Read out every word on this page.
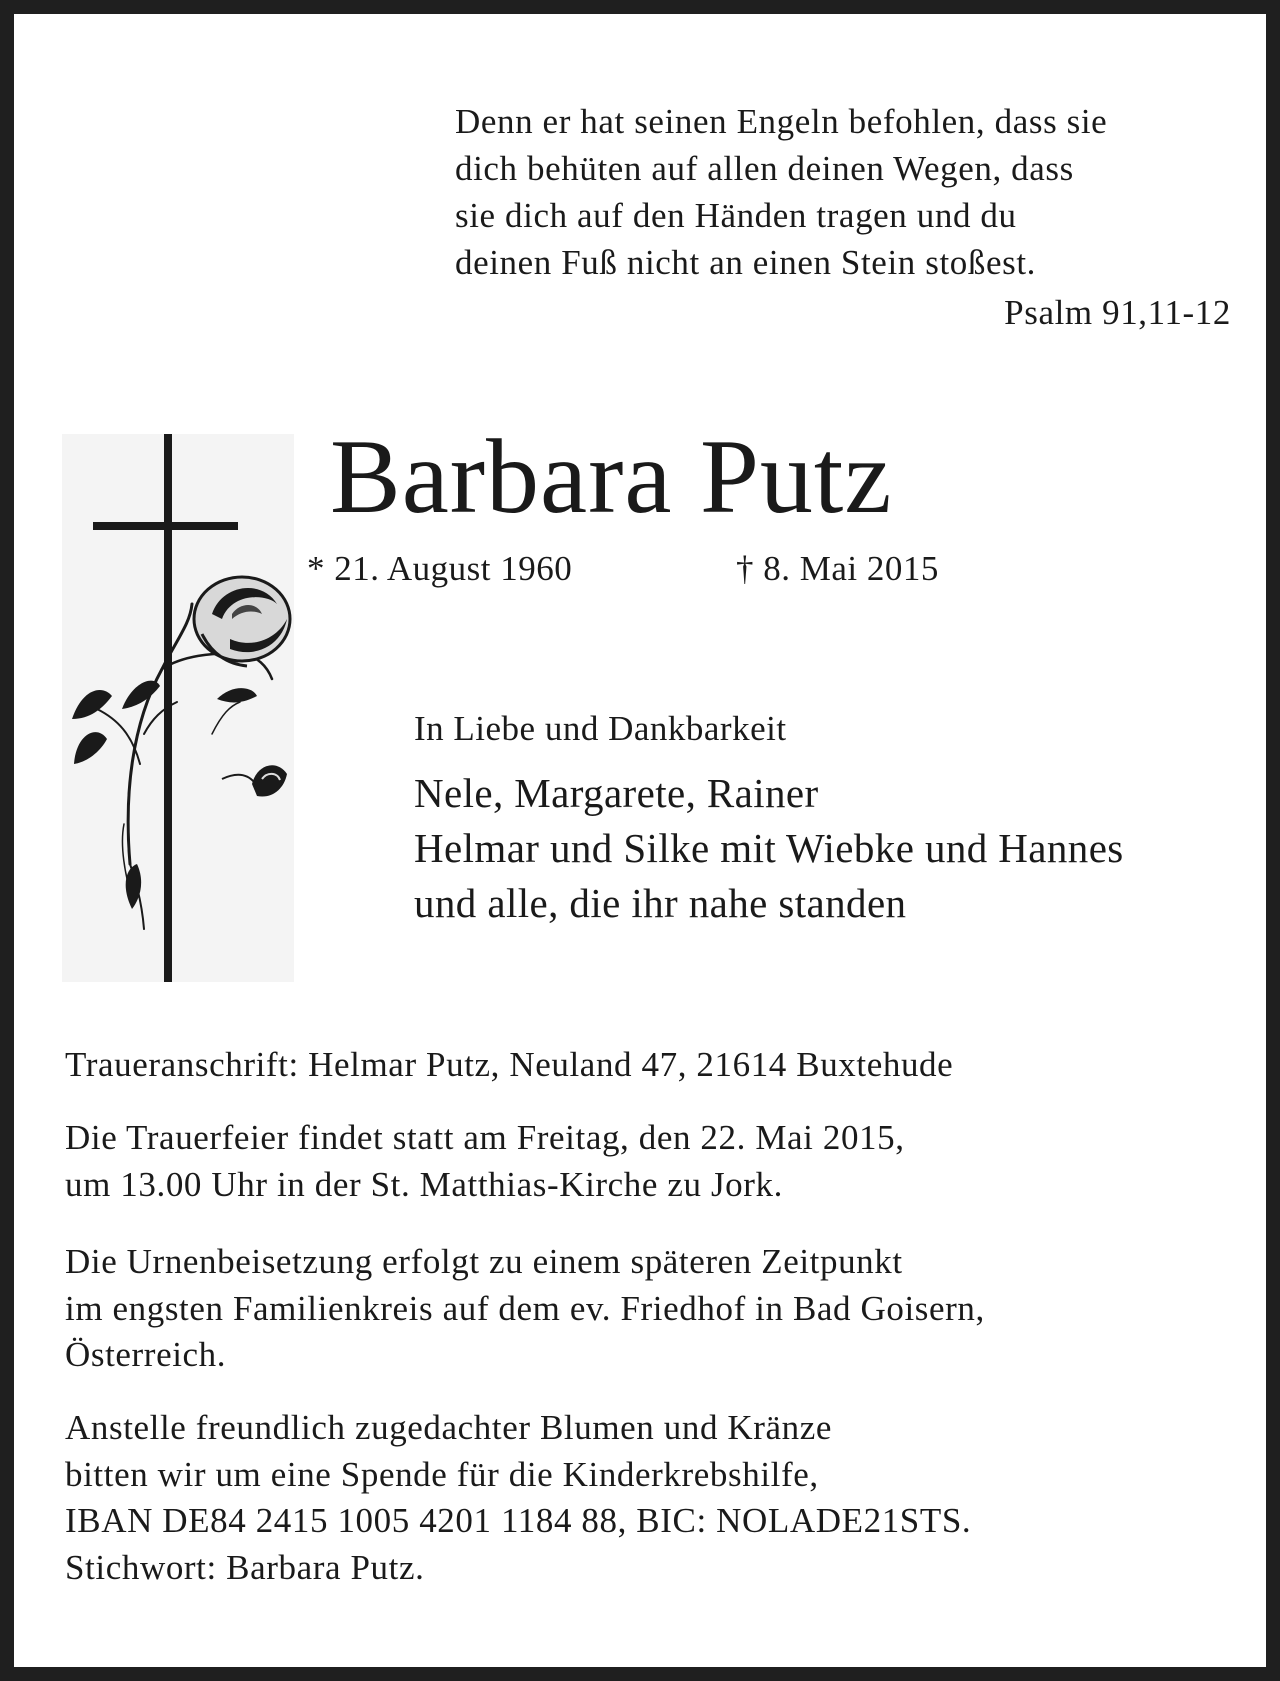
Denn er hat seinen Engeln befohlen, dass sie
dich behüten auf allen deinen Wegen, dass
sie dich auf den Händen tragen und du
deinen Fuß nicht an einen Stein stoßest.
Psalm 91,11-12
Barbara Putz
* 21. August 1960	† 8. Mai 2015
In Liebe und Dankbarkeit
Nele, Margarete, Rainer
Helmar und Silke mit Wiebke und Hannes
und alle, die ihr nahe standen
Traueranschrift: Helmar Putz, Neuland 47, 21614 Buxtehude
Die Trauerfeier findet statt am Freitag, den 22. Mai 2015,
um 13.00 Uhr in der St. Matthias-Kirche zu Jork.
Die Urnenbeisetzung erfolgt zu einem späteren Zeitpunkt
im engsten Familienkreis auf dem ev. Friedhof in Bad Goisern,
Österreich.
Anstelle freundlich zugedachter Blumen und Kränze
bitten wir um eine Spende für die Kinderkrebshilfe,
IBAN DE84 2415 1005 4201 1184 88, BIC: NOLADE21STS.
Stichwort: Barbara Putz.
